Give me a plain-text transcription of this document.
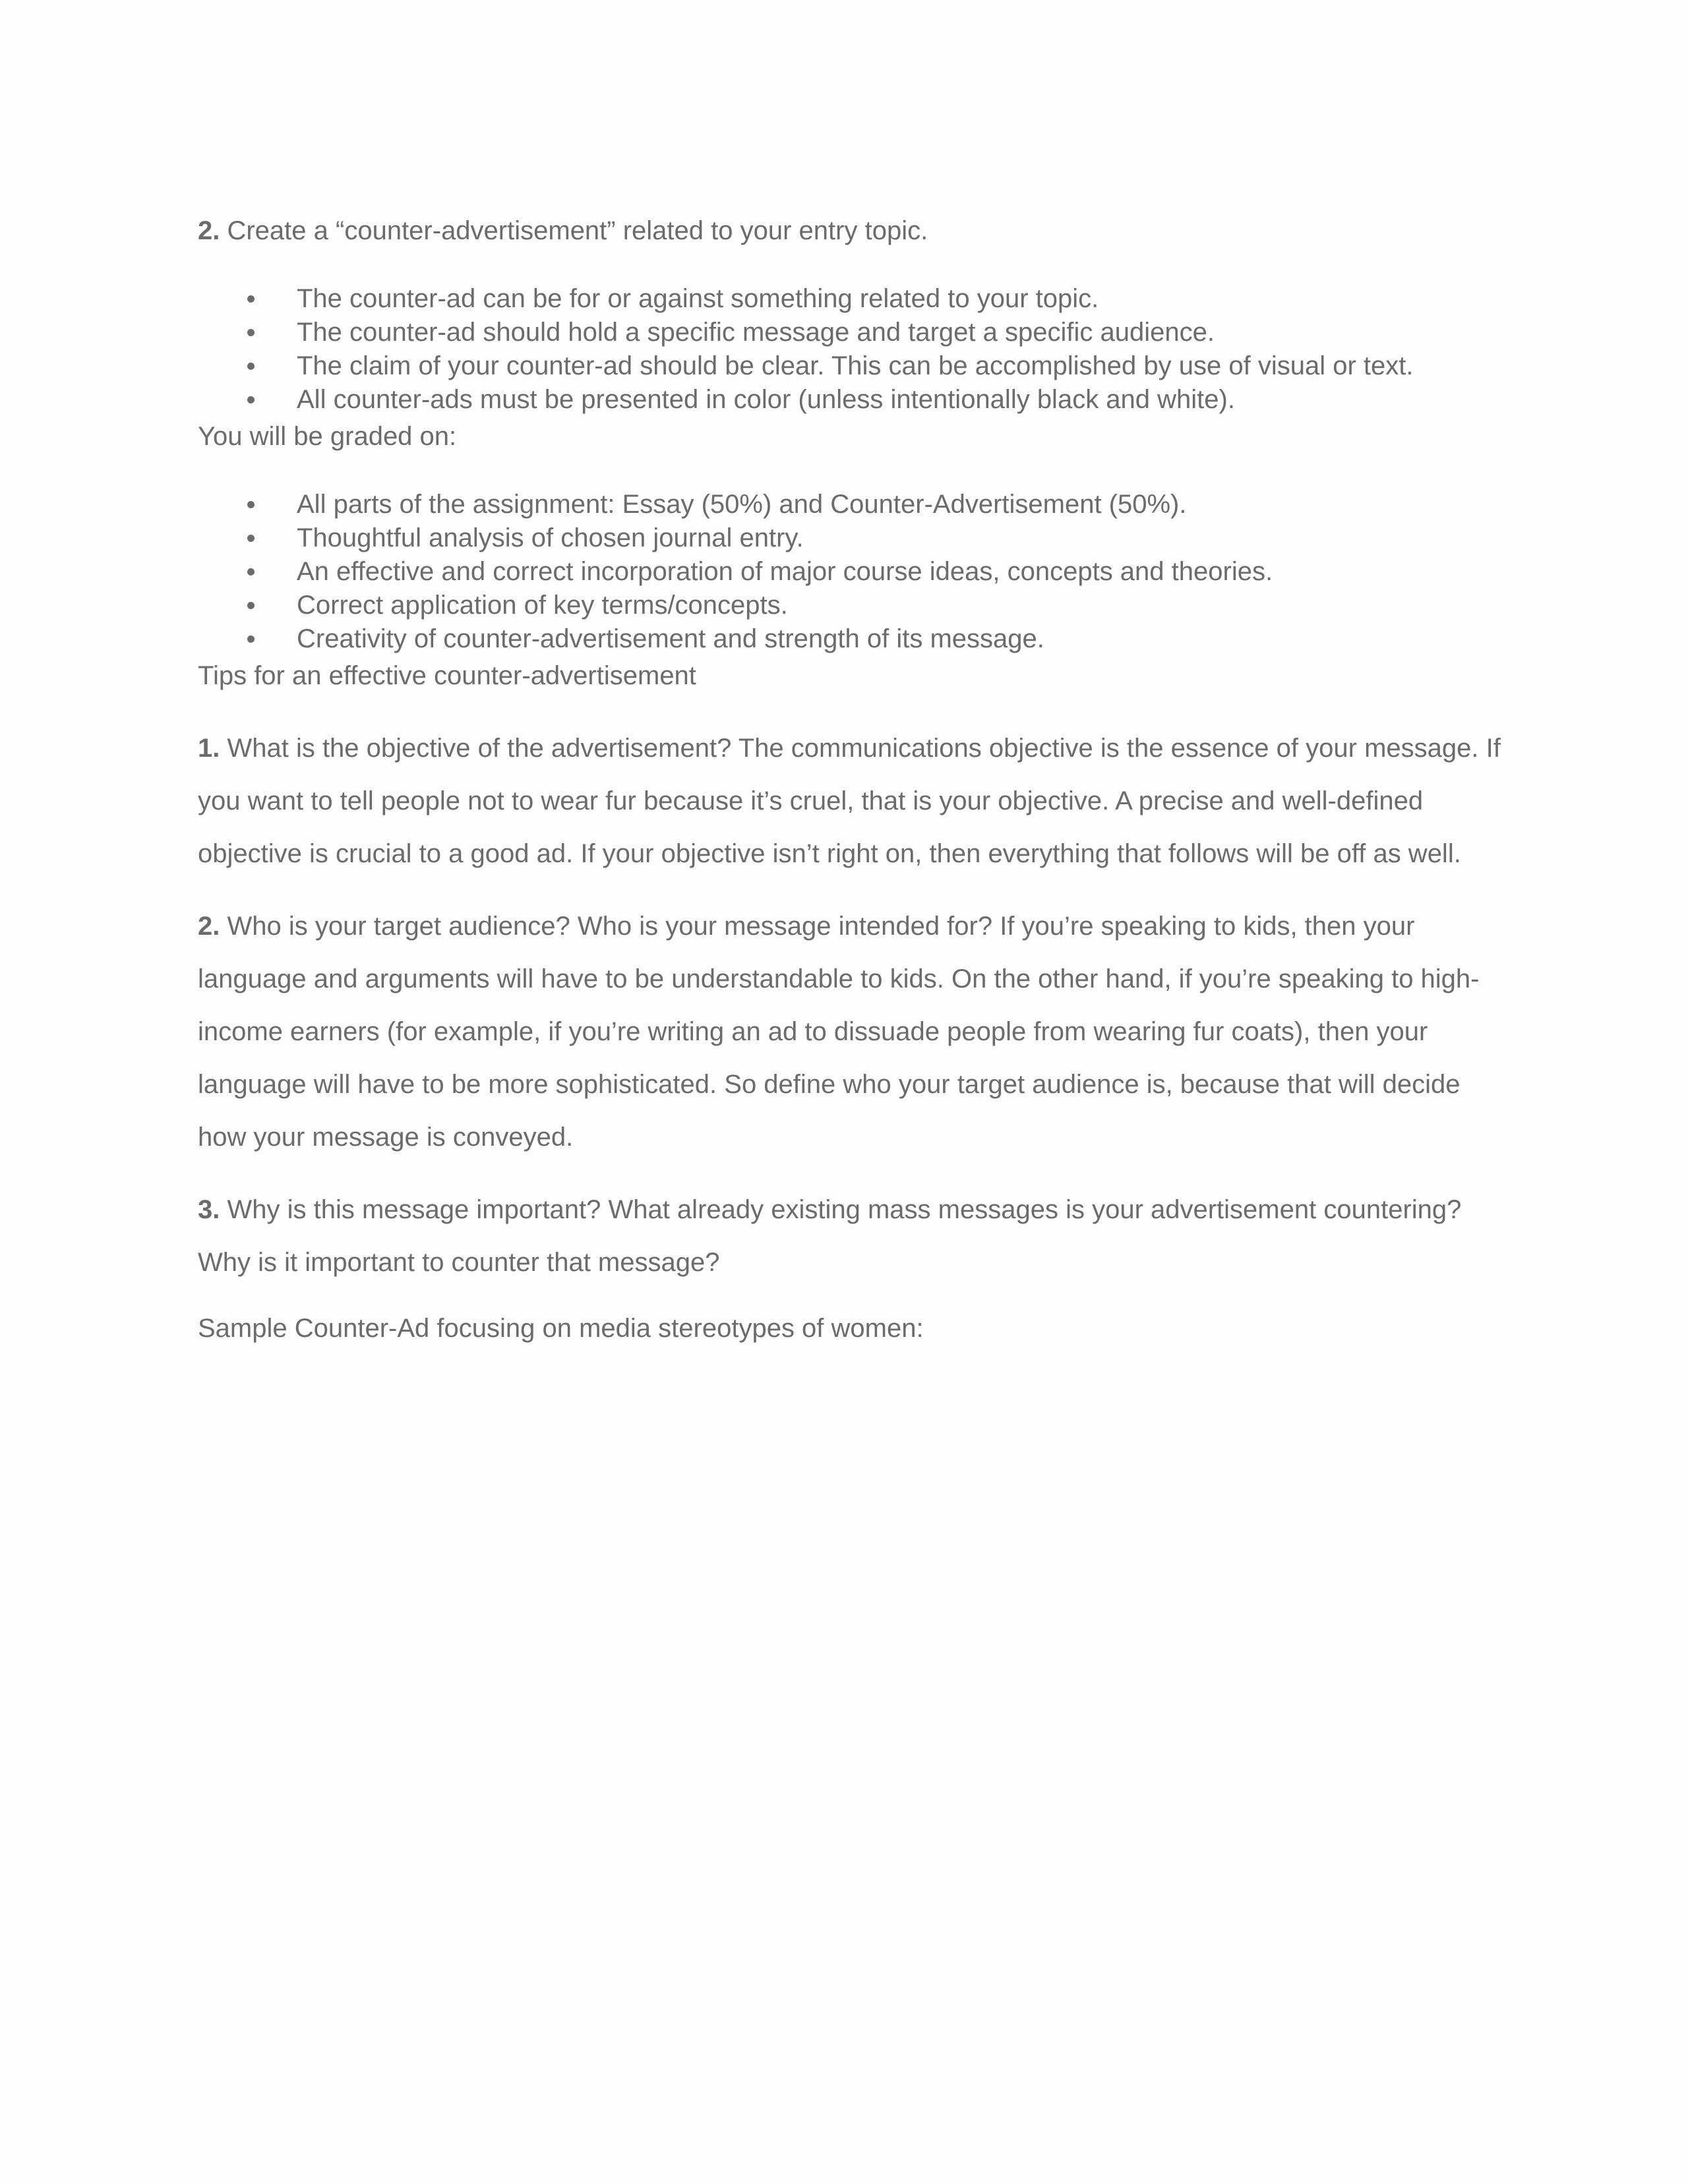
2. Create a “counter-advertisement” related to your entry topic.

The counter-ad can be for or against something related to your topic.
The counter-ad should hold a specific message and target a specific audience.
The claim of your counter-ad should be clear. This can be accomplished by use of visual or text.
All counter-ads must be presented in color (unless intentionally black and white).

You will be graded on:

All parts of the assignment: Essay (50%) and Counter-Advertisement (50%).
Thoughtful analysis of chosen journal entry.
An effective and correct incorporation of major course ideas, concepts and theories.
Correct application of key terms/concepts.
Creativity of counter-advertisement and strength of its message.

Tips for an effective counter-advertisement

1. What is the objective of the advertisement? The communications objective is the essence of your message. If you want to tell people not to wear fur because it’s cruel, that is your objective. A precise and well-defined objective is crucial to a good ad. If your objective isn’t right on, then everything that follows will be off as well.

2. Who is your target audience? Who is your message intended for? If you’re speaking to kids, then your language and arguments will have to be understandable to kids. On the other hand, if you’re speaking to high-income earners (for example, if you’re writing an ad to dissuade people from wearing fur coats), then your language will have to be more sophisticated. So define who your target audience is, because that will decide how your message is conveyed.

3. Why is this message important? What already existing mass messages is your advertisement countering? Why is it important to counter that message?

Sample Counter-Ad focusing on media stereotypes of women:
